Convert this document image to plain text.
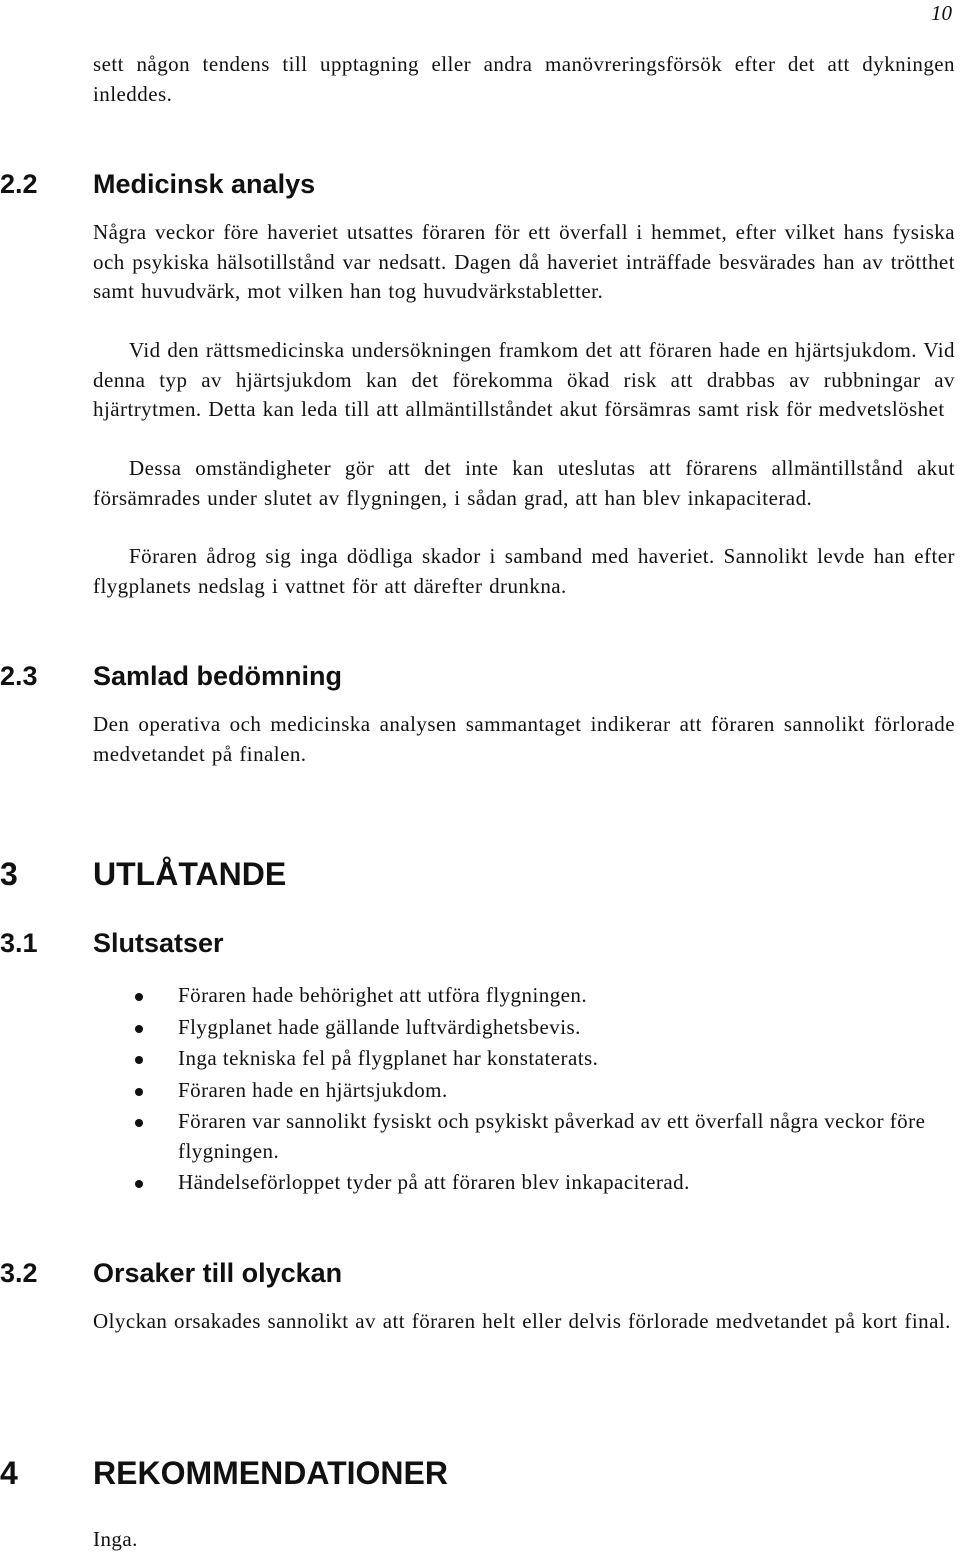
10

sett någon tendens till upptagning eller andra manövreringsförsök efter det att dykningen inleddes.

2.2 Medicinsk analys

Några veckor före haveriet utsattes föraren för ett överfall i hemmet, efter vilket hans fysiska och psykiska hälsotillstånd var nedsatt. Dagen då haveriet inträffade besvärades han av trötthet samt huvudvärk, mot vilken han tog huvudvärkstabletter.

Vid den rättsmedicinska undersökningen framkom det att föraren hade en hjärtsjukdom. Vid denna typ av hjärtsjukdom kan det förekomma ökad risk att drabbas av rubbningar av hjärtrytmen. Detta kan leda till att allmäntillståndet akut försämras samt risk för medvetslöshet

Dessa omständigheter gör att det inte kan uteslutas att förarens allmäntillstånd akut försämrades under slutet av flygningen, i sådan grad, att han blev inkapaciterad.

Föraren ådrog sig inga dödliga skador i samband med haveriet. Sannolikt levde han efter flygplanets nedslag i vattnet för att därefter drunkna.

2.3 Samlad bedömning

Den operativa och medicinska analysen sammantaget indikerar att föraren sannolikt förlorade medvetandet på finalen.

3 UTLÅTANDE
3.1 Slutsatser
Föraren hade behörighet att utföra flygningen.
Flygplanet hade gällande luftvärdighetsbevis.
Inga tekniska fel på flygplanet har konstaterats.
Föraren hade en hjärtsjukdom.
Föraren var sannolikt fysiskt och psykiskt påverkad av ett överfall några veckor före flygningen.
Händelseförloppet tyder på att föraren blev inkapaciterad.
3.2 Orsaker till olyckan

Olyckan orsakades sannolikt av att föraren helt eller delvis förlorade medvetandet på kort final.

4 REKOMMENDATIONER

Inga.
